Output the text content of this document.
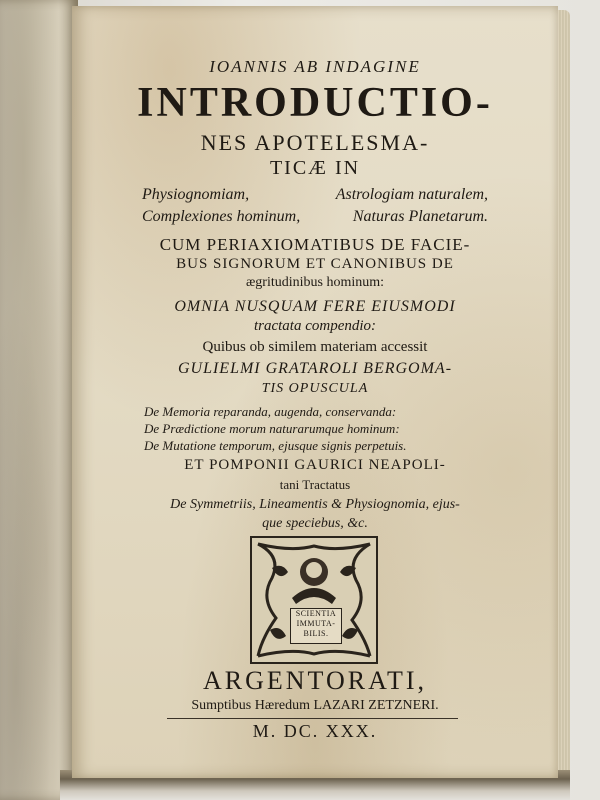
IOANNIS AB INDAGINE

INTRODUCTIO-

NES APOTELESMA-

TICÆ IN

Physiognomiam,	Astrologiam naturalem,
Complexiones hominum,	Naturas Planetarum.

CUM PERIAXIOMATIBUS DE FACIE-

BUS SIGNORUM ET CANONIBUS DE

ægritudinibus hominum:

OMNIA NUSQUAM FERE EIUSMODI

tractata compendio:

Quibus ob similem materiam accessit

GULIELMI GRATAROLI BERGOMA-

TIS OPUSCULA

De Memoria reparanda, augenda, conservanda:

De Prædictione morum naturarumque hominum:

De Mutatione temporum, ejusque signis perpetuis.

ET POMPONII GAURICI NEAPOLI-

tani Tractatus

De Symmetriis, Lineamentis & Physiognomia, ejus-

que speciebus, &c.

SCIENTIA
IMMUTA-
BILIS.

ARGENTORATI,

Sumptibus Hæredum LAZARI ZETZNERI.

M. DC. XXX.
